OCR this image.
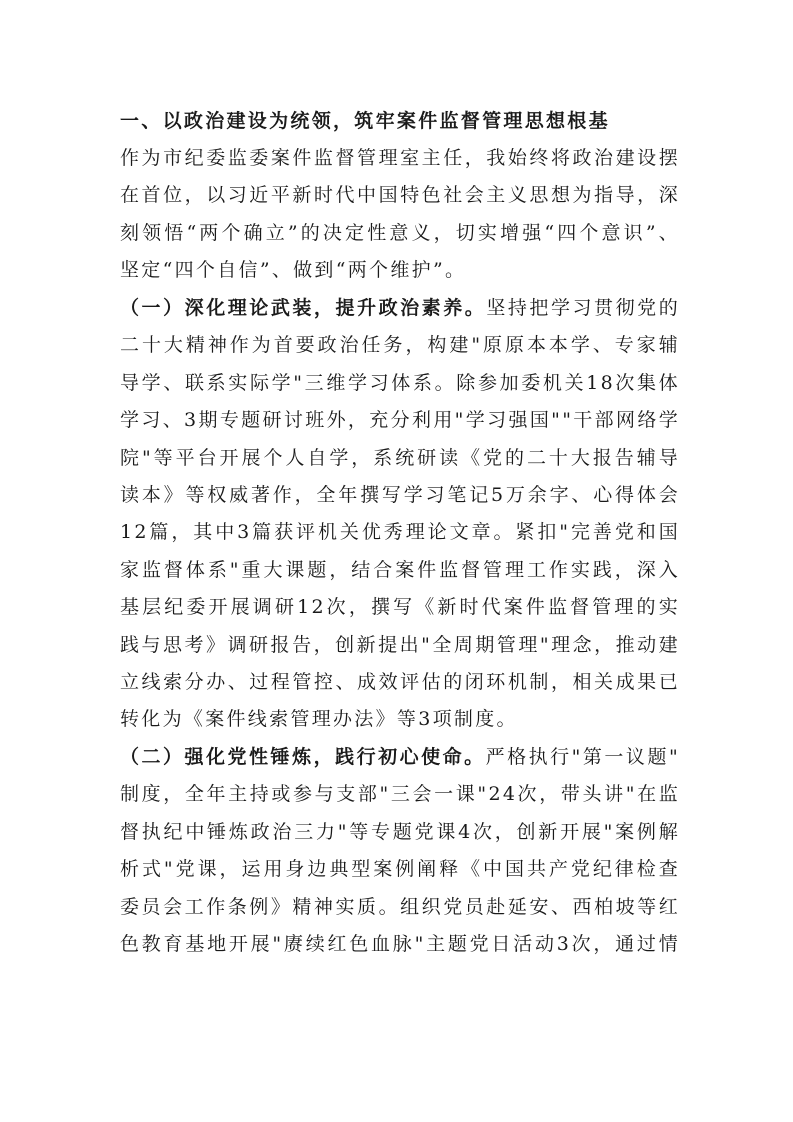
一、以政治建设为统领，筑牢案件监督管理思想根基
作为市纪委监委案件监督管理室主任，我始终将政治建设摆
在首位，以习近平新时代中国特色社会主义思想为指导，深
刻领悟“两个确立”的决定性意义，切实增强“四个意识”、
坚定“四个自信”、做到“两个维护”。
（一）深化理论武装，提升政治素养。坚持把学习贯彻党的
二十大精神作为首要政治任务，构建"原原本本学、专家辅
导学、联系实际学"三维学习体系。除参加委机关18次集体
学习、3期专题研讨班外，充分利用"学习强国""干部网络学
院"等平台开展个人自学，系统研读《党的二十大报告辅导
读本》等权威著作，全年撰写学习笔记5万余字、心得体会
12篇，其中3篇获评机关优秀理论文章。紧扣"完善党和国
家监督体系"重大课题，结合案件监督管理工作实践，深入
基层纪委开展调研12次，撰写《新时代案件监督管理的实
践与思考》调研报告，创新提出"全周期管理"理念，推动建
立线索分办、过程管控、成效评估的闭环机制，相关成果已
转化为《案件线索管理办法》等3项制度。
（二）强化党性锤炼，践行初心使命。严格执行"第一议题"
制度，全年主持或参与支部"三会一课"24次，带头讲"在监
督执纪中锤炼政治三力"等专题党课4次，创新开展"案例解
析式"党课，运用身边典型案例阐释《中国共产党纪律检查
委员会工作条例》精神实质。组织党员赴延安、西柏坡等红
色教育基地开展"赓续红色血脉"主题党日活动3次，通过情
